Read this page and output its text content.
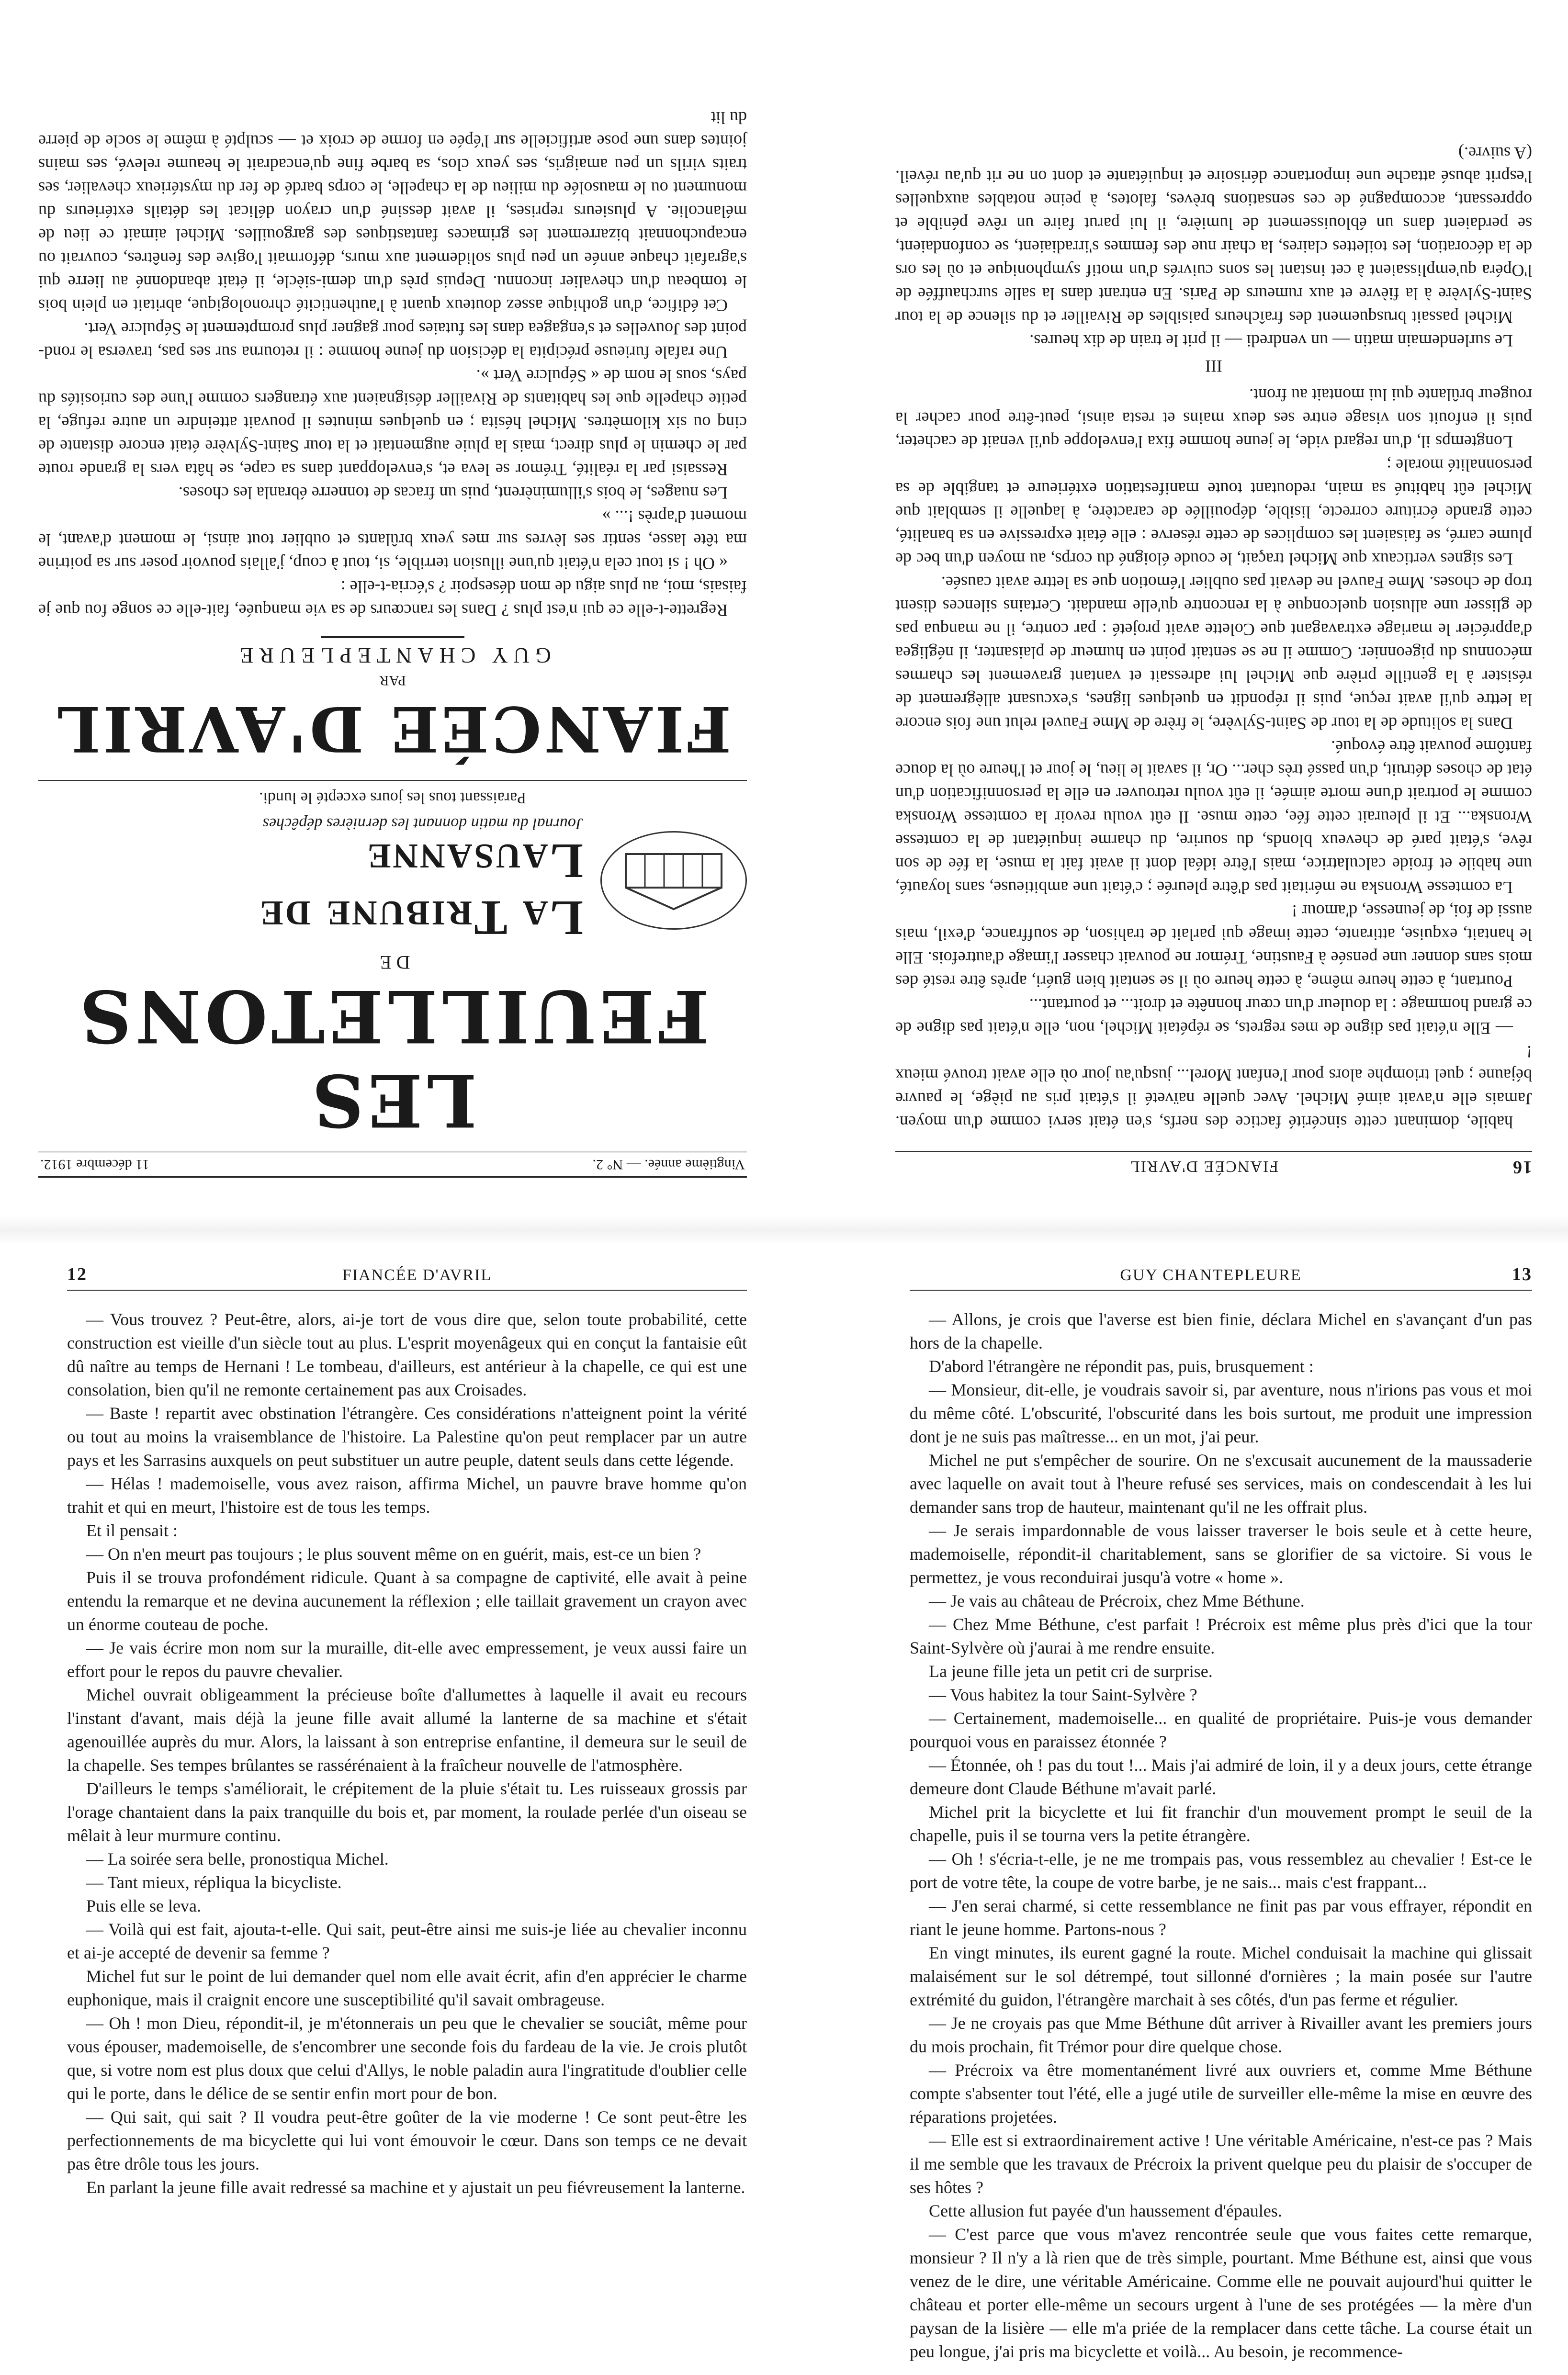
Vingtième année. — N° 2.
11 décembre 1912.
LES FEUILLETONS
DE
La Tribune de Lausanne
Journal du matin donnant les dernières dépêches
Paraissant tous les jours excepté le lundi.
FIANCÉE D'AVRIL
PAR
GUY CHANTEPLEURE

Regrette-t-elle ce qui n'est plus ? Dans les rancœurs de sa vie manquée, fait-elle ce songe fou que je faisais, moi, au plus aigu de mon désespoir ? s'écria-t-elle :

« Oh ! si tout cela n'était qu'une illusion terrible, si, tout à coup, j'allais pouvoir poser sur sa poitrine ma tête lasse, sentir ses lèvres sur mes yeux brûlants et oublier tout ainsi, le moment d'avant, le moment d'après !... »

Les nuages, le bois s'illuminèrent, puis un fracas de tonnerre ébranla les choses.

Ressaisi par la réalité, Trémor se leva et, s'enveloppant dans sa cape, se hâta vers la grande route par le chemin le plus direct, mais la pluie augmentait et la tour Saint-Sylvère était encore distante de cinq ou six kilomètres. Michel hésita ; en quelques minutes il pouvait atteindre un autre refuge, la petite chapelle que les habitants de Rivailler désignaient aux étrangers comme l'une des curiosités du pays, sous le nom de « Sépulcre Vert ».

Une rafale furieuse précipita la décision du jeune homme : il retourna sur ses pas, traversa le rond-point des Jouvelles et s'engagea dans les futaies pour gagner plus promptement le Sépulcre Vert.

Cet édifice, d'un gothique assez douteux quant à l'authenticité chronologique, abritait en plein bois le tombeau d'un chevalier inconnu. Depuis près d'un demi-siècle, il était abandonné au lierre qui s'agrafait chaque année un peu plus solidement aux murs, déformait l'ogive des fenêtres, couvrait ou encapuchonnait bizarrement les grimaces fantastiques des gargouilles. Michel aimait ce lieu de mélancolie. A plusieurs reprises, il avait dessiné d'un crayon délicat les détails extérieurs du monument ou le mausolée du milieu de la chapelle, le corps bardé de fer du mystérieux chevalier, ses traits virils un peu amaigris, ses yeux clos, sa barbe fine qu'encadrait le heaume relevé, ses mains jointes dans une pose artificielle sur l'épée en forme de croix et — sculpté à même le socle de pierre du lit

16
FIANCÉE D'AVRIL

habile, dominant cette sincérité factice des nerfs, s'en était servi comme d'un moyen. Jamais elle n'avait aimé Michel. Avec quelle naïveté il s'était pris au piège, le pauvre béjaune ; quel triomphe alors pour l'enfant Morel... jusqu'au jour où elle avait trouvé mieux !

— Elle n'était pas digne de mes regrets, se répétait Michel, non, elle n'était pas digne de ce grand hommage : la douleur d'un cœur honnête et droit... et pourtant...

Pourtant, à cette heure même, à cette heure où il se sentait bien guéri, après être resté des mois sans donner une pensée à Faustine, Trémor ne pouvait chasser l'image d'autrefois. Elle le hantait, exquise, attirante, cette image qui parlait de trahison, de souffrance, d'exil, mais aussi de foi, de jeunesse, d'amour !

La comtesse Wronska ne méritait pas d'être pleurée ; c'était une ambitieuse, sans loyauté, une habile et froide calculatrice, mais l'être idéal dont il avait fait la muse, la fée de son rêve, s'était paré de cheveux blonds, du sourire, du charme inquiétant de la comtesse Wronska... Et il pleurait cette fée, cette muse. Il eût voulu revoir la comtesse Wronska comme le portrait d'une morte aimée, il eût voulu retrouver en elle la personnification d'un état de choses détruit, d'un passé très cher... Or, il savait le lieu, le jour et l'heure où la douce fantôme pouvait être évoqué.

Dans la solitude de la tour de Saint-Sylvère, le frère de Mme Fauvel relut une fois encore la lettre qu'il avait reçue, puis il répondit en quelques lignes, s'excusant allègrement de résister à la gentille prière que Michel lui adressait et vantant gravement les charmes méconnus du pigeonnier. Comme il ne se sentait point en humeur de plaisanter, il négligea d'apprécier le mariage extravagant que Colette avait projeté : par contre, il ne manqua pas de glisser une allusion quelconque à la rencontre qu'elle mandait. Certains silences disent trop de choses. Mme Fauvel ne devait pas oublier l'émotion que sa lettre avait causée.

Les signes verticaux que Michel traçait, le coude éloigné du corps, au moyen d'un bec de plume carré, se faisaient les complices de cette réserve : elle était expressive en sa banalité, cette grande écriture correcte, lisible, dépouillée de caractère, à laquelle il semblait que Michel eût habitué sa main, redoutant toute manifestation extérieure et tangible de sa personnalité morale ;

Longtemps il, d'un regard vide, le jeune homme fixa l'enveloppe qu'il venait de cacheter, puis il enfouit son visage entre ses deux mains et resta ainsi, peut-être pour cacher la rougeur brûlante qui lui montait au front.

III

Le surlendemain matin — un vendredi — il prit le train de dix heures.

Michel passait brusquement des fraîcheurs paisibles de Rivailler et du silence de la tour Saint-Sylvère à la fièvre et aux rumeurs de Paris. En entrant dans la salle surchauffée de l'Opéra qu'emplissaient à cet instant les sons cuivrés d'un motif symphonique et où les ors de la décoration, les toilettes claires, la chair nue des femmes s'irradiaient, se confondaient, se perdaient dans un éblouissement de lumière, il lui parut faire un rêve pénible et oppressant, accompagné de ces sensations brèves, falotes, à peine notables auxquelles l'esprit abusé attache une importance dérisoire et inquiétante et dont on ne rit qu'au réveil. (A suivre.)

12	FIANCÉE D'AVRIL

— Vous trouvez ? Peut-être, alors, ai-je tort de vous dire que, selon toute probabilité, cette construction est vieille d'un siècle tout au plus. L'esprit moyenâgeux qui en conçut la fantaisie eût dû naître au temps de Hernani ! Le tombeau, d'ailleurs, est antérieur à la chapelle, ce qui est une consolation, bien qu'il ne remonte certainement pas aux Croisades.

— Baste ! repartit avec obstination l'étrangère. Ces considérations n'atteignent point la vérité ou tout au moins la vraisemblance de l'histoire. La Palestine qu'on peut remplacer par un autre pays et les Sarrasins auxquels on peut substituer un autre peuple, datent seuls dans cette légende.

— Hélas ! mademoiselle, vous avez raison, affirma Michel, un pauvre brave homme qu'on trahit et qui en meurt, l'histoire est de tous les temps.

Et il pensait :

— On n'en meurt pas toujours ; le plus souvent même on en guérit, mais, est-ce un bien ?

Puis il se trouva profondément ridicule. Quant à sa compagne de captivité, elle avait à peine entendu la remarque et ne devina aucunement la réflexion ; elle taillait gravement un crayon avec un énorme couteau de poche.

— Je vais écrire mon nom sur la muraille, dit-elle avec empressement, je veux aussi faire un effort pour le repos du pauvre chevalier.

Michel ouvrait obligeamment la précieuse boîte d'allumettes à laquelle il avait eu recours l'instant d'avant, mais déjà la jeune fille avait allumé la lanterne de sa machine et s'était agenouillée auprès du mur. Alors, la laissant à son entreprise enfantine, il demeura sur le seuil de la chapelle. Ses tempes brûlantes se rassérénaient à la fraîcheur nouvelle de l'atmosphère.

D'ailleurs le temps s'améliorait, le crépitement de la pluie s'était tu. Les ruisseaux grossis par l'orage chantaient dans la paix tranquille du bois et, par moment, la roulade perlée d'un oiseau se mêlait à leur murmure continu.

— La soirée sera belle, pronostiqua Michel.

— Tant mieux, répliqua la bicycliste.

Puis elle se leva.

— Voilà qui est fait, ajouta-t-elle. Qui sait, peut-être ainsi me suis-je liée au chevalier inconnu et ai-je accepté de devenir sa femme ?

Michel fut sur le point de lui demander quel nom elle avait écrit, afin d'en apprécier le charme euphonique, mais il craignit encore une susceptibilité qu'il savait ombrageuse.

— Oh ! mon Dieu, répondit-il, je m'étonnerais un peu que le chevalier se souciât, même pour vous épouser, mademoiselle, de s'encombrer une seconde fois du fardeau de la vie. Je crois plutôt que, si votre nom est plus doux que celui d'Allys, le noble paladin aura l'ingratitude d'oublier celle qui le porte, dans le délice de se sentir enfin mort pour de bon.

— Qui sait, qui sait ? Il voudra peut-être goûter de la vie moderne ! Ce sont peut-être les perfectionnements de ma bicyclette qui lui vont émouvoir le cœur. Dans son temps ce ne devait pas être drôle tous les jours.

En parlant la jeune fille avait redressé sa machine et y ajustait un peu fiévreusement la lanterne.

GUY CHANTEPLEURE	13

— Allons, je crois que l'averse est bien finie, déclara Michel en s'avançant d'un pas hors de la chapelle.

D'abord l'étrangère ne répondit pas, puis, brusquement :

— Monsieur, dit-elle, je voudrais savoir si, par aventure, nous n'irions pas vous et moi du même côté. L'obscurité, l'obscurité dans les bois surtout, me produit une impression dont je ne suis pas maîtresse... en un mot, j'ai peur.

Michel ne put s'empêcher de sourire. On ne s'excusait aucunement de la maussaderie avec laquelle on avait tout à l'heure refusé ses services, mais on condescendait à les lui demander sans trop de hauteur, maintenant qu'il ne les offrait plus.

— Je serais impardonnable de vous laisser traverser le bois seule et à cette heure, mademoiselle, répondit-il charitablement, sans se glorifier de sa victoire. Si vous le permettez, je vous reconduirai jusqu'à votre « home ».

— Je vais au château de Précroix, chez Mme Béthune.

— Chez Mme Béthune, c'est parfait ! Précroix est même plus près d'ici que la tour Saint-Sylvère où j'aurai à me rendre ensuite.

La jeune fille jeta un petit cri de surprise.

— Vous habitez la tour Saint-Sylvère ?

— Certainement, mademoiselle... en qualité de propriétaire. Puis-je vous demander pourquoi vous en paraissez étonnée ?

— Étonnée, oh ! pas du tout !... Mais j'ai admiré de loin, il y a deux jours, cette étrange demeure dont Claude Béthune m'avait parlé.

Michel prit la bicyclette et lui fit franchir d'un mouvement prompt le seuil de la chapelle, puis il se tourna vers la petite étrangère.

— Oh ! s'écria-t-elle, je ne me trompais pas, vous ressemblez au chevalier ! Est-ce le port de votre tête, la coupe de votre barbe, je ne sais... mais c'est frappant...

— J'en serai charmé, si cette ressemblance ne finit pas par vous effrayer, répondit en riant le jeune homme. Partons-nous ?

En vingt minutes, ils eurent gagné la route. Michel conduisait la machine qui glissait malaisément sur le sol détrempé, tout sillonné d'ornières ; la main posée sur l'autre extrémité du guidon, l'étrangère marchait à ses côtés, d'un pas ferme et régulier.

— Je ne croyais pas que Mme Béthune dût arriver à Rivailler avant les premiers jours du mois prochain, fit Trémor pour dire quelque chose.

— Précroix va être momentanément livré aux ouvriers et, comme Mme Béthune compte s'absenter tout l'été, elle a jugé utile de surveiller elle-même la mise en œuvre des réparations projetées.

— Elle est si extraordinairement active ! Une véritable Américaine, n'est-ce pas ? Mais il me semble que les travaux de Précroix la privent quelque peu du plaisir de s'occuper de ses hôtes ?

Cette allusion fut payée d'un haussement d'épaules.

— C'est parce que vous m'avez rencontrée seule que vous faites cette remarque, monsieur ? Il n'y a là rien que de très simple, pourtant. Mme Béthune est, ainsi que vous venez de le dire, une véritable Américaine. Comme elle ne pouvait aujourd'hui quitter le château et porter elle-même un secours urgent à l'une de ses protégées — la mère d'un paysan de la lisière — elle m'a priée de la remplacer dans cette tâche. La course était un peu longue, j'ai pris ma bicyclette et voilà... Au besoin, je recommence-
